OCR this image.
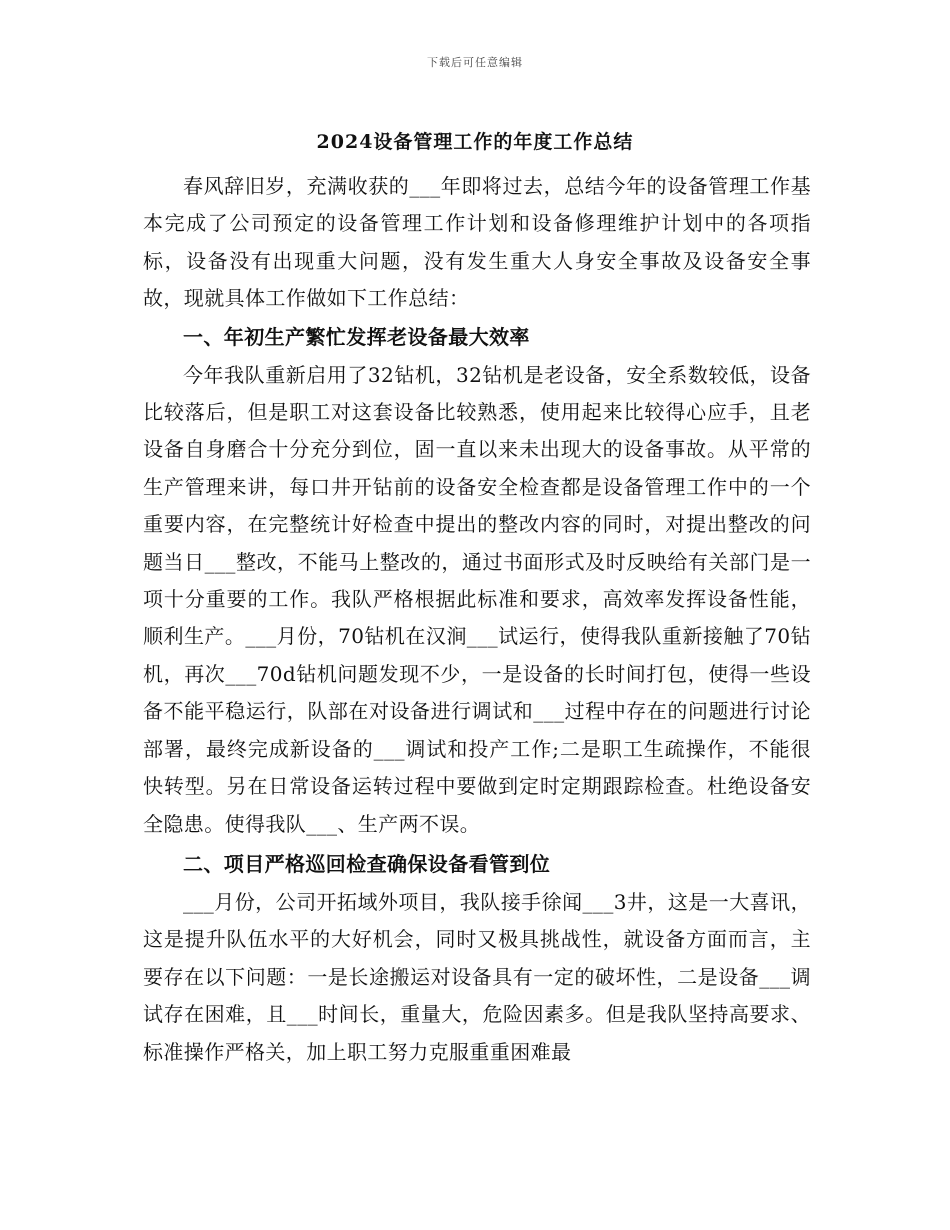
下载后可任意编辑
2024设备管理工作的年度工作总结

春风辞旧岁，充满收获的___年即将过去，总结今年的设备管理工作基本完成了公司预定的设备管理工作计划和设备修理维护计划中的各项指标，设备没有出现重大问题，没有发生重大人身安全事故及设备安全事故，现就具体工作做如下工作总结：

一、年初生产繁忙发挥老设备最大效率

今年我队重新启用了32钻机，32钻机是老设备，安全系数较低，设备比较落后，但是职工对这套设备比较熟悉，使用起来比较得心应手，且老设备自身磨合十分充分到位，固一直以来未出现大的设备事故。从平常的生产管理来讲，每口井开钻前的设备安全检查都是设备管理工作中的一个重要内容，在完整统计好检查中提出的整改内容的同时，对提出整改的问题当日___整改，不能马上整改的，通过书面形式及时反映给有关部门是一项十分重要的工作。我队严格根据此标准和要求，高效率发挥设备性能，顺利生产。___月份，70钻机在汉涧___试运行，使得我队重新接触了70钻机，再次___70d钻机问题发现不少，一是设备的长时间打包，使得一些设备不能平稳运行，队部在对设备进行调试和___过程中存在的问题进行讨论部署，最终完成新设备的___调试和投产工作;二是职工生疏操作，不能很快转型。另在日常设备运转过程中要做到定时定期跟踪检查。杜绝设备安全隐患。使得我队___、生产两不误。

二、项目严格巡回检查确保设备看管到位

___月份，公司开拓域外项目，我队接手徐闻___3井，这是一大喜讯，这是提升队伍水平的大好机会，同时又极具挑战性，就设备方面而言，主要存在以下问题：一是长途搬运对设备具有一定的破坏性，二是设备___调试存在困难，且___时间长，重量大，危险因素多。但是我队坚持高要求、标准操作严格关，加上职工努力克服重重困难最
